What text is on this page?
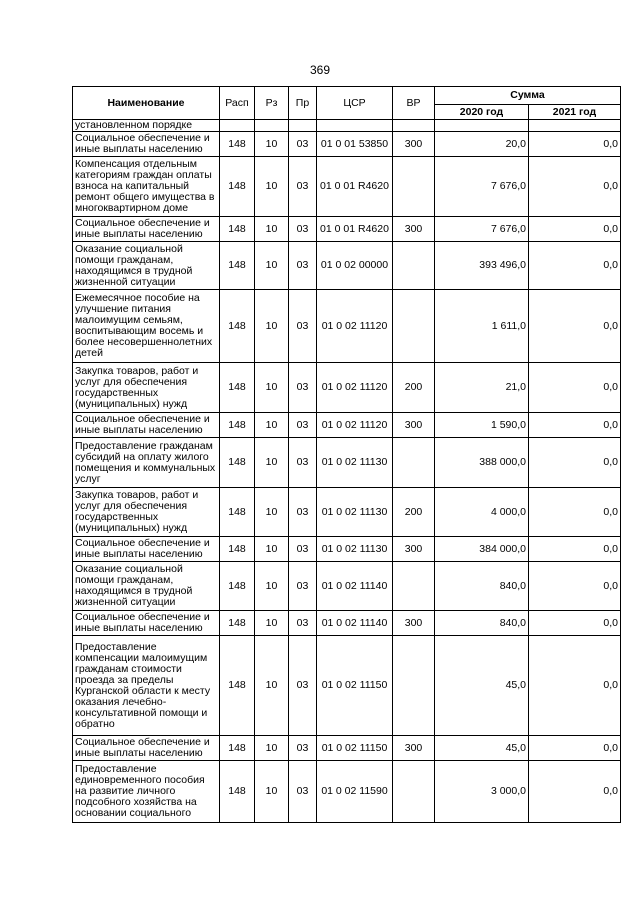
369
Наименование	Расп	Рз	Пр	ЦСР	ВР	Сумма	
						2020 год	2021 год
установленном порядке							
Социальное обеспечение и иные выплаты населению	148	10	03	01 0 01 53850	300	20,0	0,0
Компенсация отдельным категориям граждан оплаты взноса на капитальный ремонт общего имущества в многоквартирном доме	148	10	03	01 0 01 R4620		7 676,0	0,0
Социальное обеспечение и иные выплаты населению	148	10	03	01 0 01 R4620	300	7 676,0	0,0
Оказание социальной помощи гражданам, находящимся в трудной жизненной ситуации	148	10	03	01 0 02 00000		393 496,0	0,0
Ежемесячное пособие на улучшение питания малоимущим семьям, воспитывающим восемь и более несовершеннолетних детей	148	10	03	01 0 02 11120		1 611,0	0,0
Закупка товаров, работ и услуг для обеспечения государственных (муниципальных) нужд	148	10	03	01 0 02 11120	200	21,0	0,0
Социальное обеспечение и иные выплаты населению	148	10	03	01 0 02 11120	300	1 590,0	0,0
Предоставление гражданам субсидий на оплату жилого помещения и коммунальных услуг	148	10	03	01 0 02 11130		388 000,0	0,0
Закупка товаров, работ и услуг для обеспечения государственных (муниципальных) нужд	148	10	03	01 0 02 11130	200	4 000,0	0,0
Социальное обеспечение и иные выплаты населению	148	10	03	01 0 02 11130	300	384 000,0	0,0
Оказание социальной помощи гражданам, находящимся в трудной жизненной ситуации	148	10	03	01 0 02 11140		840,0	0,0
Социальное обеспечение и иные выплаты населению	148	10	03	01 0 02 11140	300	840,0	0,0
Предоставление компенсации малоимущим гражданам стоимости проезда за пределы Курганской области к месту оказания лечебно-консультативной помощи и обратно	148	10	03	01 0 02 11150		45,0	0,0
Социальное обеспечение и иные выплаты населению	148	10	03	01 0 02 11150	300	45,0	0,0
Предоставление единовременного пособия на развитие личного подсобного хозяйства на основании социального	148	10	03	01 0 02 11590		3 000,0	0,0
